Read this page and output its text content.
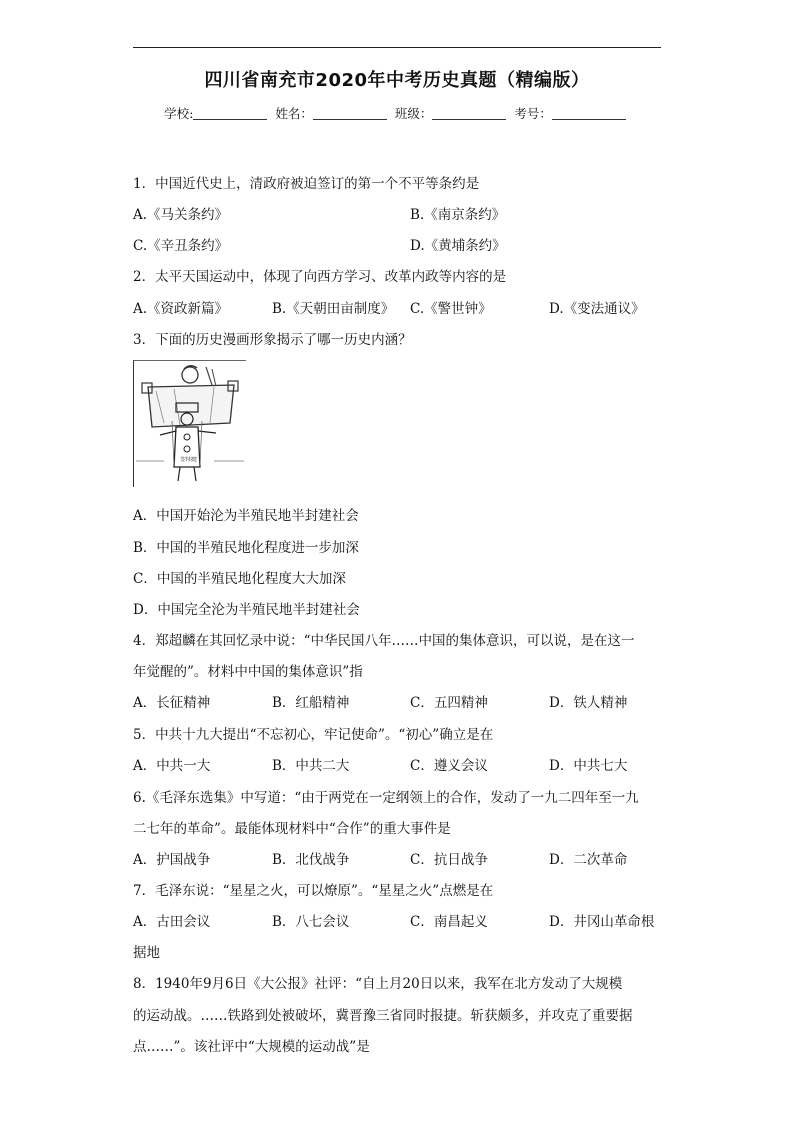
四川省南充市2020年中考历史真题（精编版）
学校:	姓名：	班级：	考号：
1．中国近代史上，清政府被迫签订的第一个不平等条约是
A.《马关条约》	B.《南京条约》
C.《辛丑条约》	D.《黄埔条约》
2．太平天国运动中，体现了向西方学习、改革内政等内容的是
A.《资政新篇》	B.《天朝田亩制度》 C.《警世钟》	D.《变法通议》
3．下面的历史漫画形象揭示了哪一历史内涵？
签
半
封
建
A．中国开始沦为半殖民地半封建社会
B．中国的半殖民地化程度进一步加深
C．中国的半殖民地化程度大大加深
D．中国完全沦为半殖民地半封建社会
4．郑超麟在其回忆录中说：“中华民国八年……中国的集体意识，可以说，是在这一
年觉醒的”。材料中中国的集体意识”指
A．长征精神	B．红船精神	C．五四精神	D．铁人精神
5．中共十九大提出“不忘初心，牢记使命”。“初心”确立是在
A．中共一大	B．中共二大	C．遵义会议	D．中共七大
6.《毛泽东选集》中写道：“由于两党在一定纲领上的合作，发动了一九二四年至一九
二七年的革命”。最能体现材料中“合作”的重大事件是
A．护国战争	B．北伐战争	C．抗日战争	D．二次革命
7．毛泽东说：“星星之火，可以燎原”。“星星之火”点燃是在
A．古田会议	B．八七会议	C．南昌起义	D．井冈山革命根
据地
8．1940年9月6日《大公报》社评：“自上月20日以来，我军在北方发动了大规模
的运动战。……铁路到处被破坏，冀晋豫三省同时报捷。斩获颇多，并攻克了重要据
点……”。该社评中“大规模的运动战”是
